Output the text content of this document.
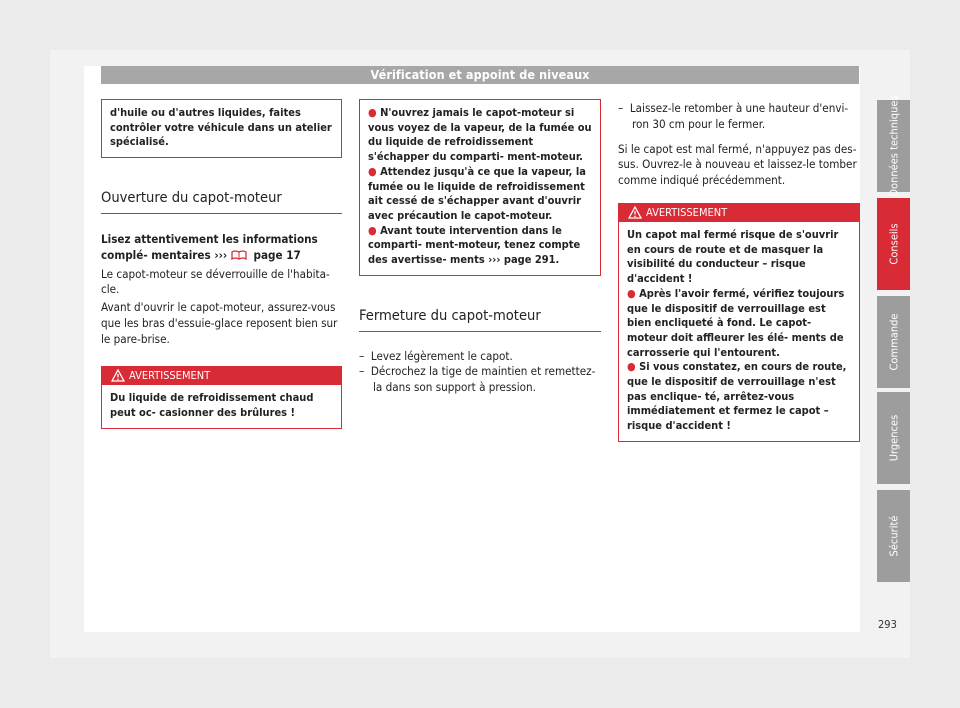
Vérification et appoint de niveaux
d'huile ou d'autres liquides, faites contrôler votre véhicule dans un atelier spécialisé.
Ouverture du capot-moteur

Lisez attentivement les informations complé- mentaires ››› page 17

Le capot-moteur se déverrouille de l'habita- cle.

Avant d'ouvrir le capot-moteur, assurez-vous que les bras d'essuie-glace reposent bien sur le pare-brise.

AVERTISSEMENT
Du liquide de refroidissement chaud peut oc- casionner des brûlures !
● N'ouvrez jamais le capot-moteur si vous voyez de la vapeur, de la fumée ou du liquide de refroidissement s'échapper du comparti- ment-moteur.
● Attendez jusqu'à ce que la vapeur, la fumée ou le liquide de refroidissement ait cessé de s'échapper avant d'ouvrir avec précaution le capot-moteur.
● Avant toute intervention dans le comparti- ment-moteur, tenez compte des avertisse- ments ››› page 291.
Fermeture du capot-moteur

– Levez légèrement le capot.

– Décrochez la tige de maintien et remettez- la dans son support à pression.

– Laissez-le retomber à une hauteur d'envi- ron 30 cm pour le fermer.

Si le capot est mal fermé, n'appuyez pas des- sus. Ouvrez-le à nouveau et laissez-le tomber comme indiqué précédemment.

AVERTISSEMENT
Un capot mal fermé risque de s'ouvrir en cours de route et de masquer la visibilité du conducteur – risque d'accident !
● Après l'avoir fermé, vérifiez toujours que le dispositif de verrouillage est bien encliqueté à fond. Le capot-moteur doit affleurer les élé- ments de carrosserie qui l'entourent.
● Si vous constatez, en cours de route, que le dispositif de verrouillage n'est pas enclique- té, arrêtez-vous immédiatement et fermez le capot – risque d'accident !
Données techniques
Conseils
Commande
Urgences
Sécurité
293
